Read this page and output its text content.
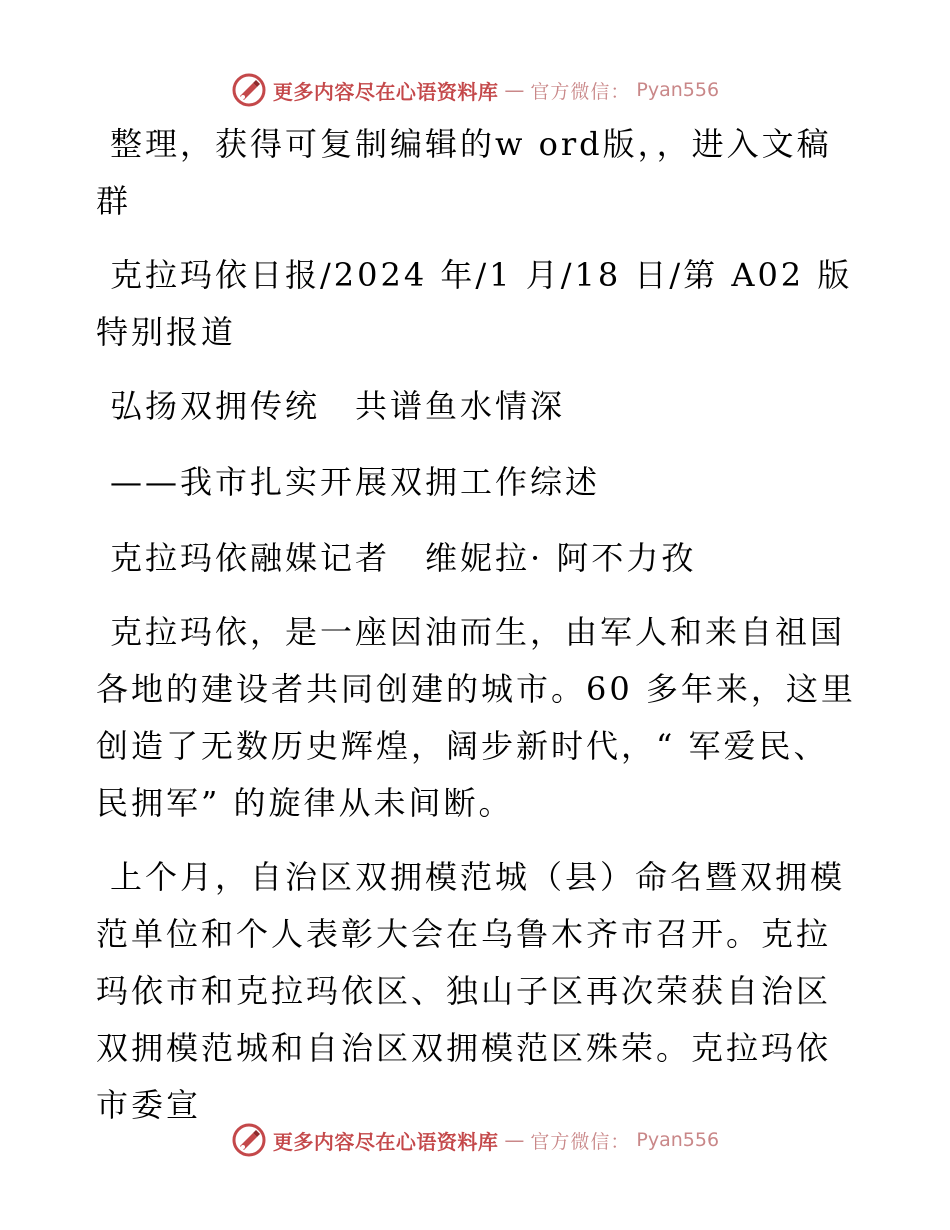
更多内容尽在心语资料库 — 官方微信： Pyan556

整理，获得可复制编辑的w ord版，，进入文稿群

克拉玛依日报/2024 年/1 月/18 日/第 A02 版特别报道

弘扬双拥传统　共谱鱼水情深

——我市扎实开展双拥工作综述

克拉玛依融媒记者　维妮拉· 阿不力孜

克拉玛依，是一座因油而生，由军人和来自祖国各地的建设者共同创建的城市。60 多年来，这里创造了无数历史辉煌，阔步新时代，“ 军爱民、民拥军” 的旋律从未间断。

上个月，自治区双拥模范城（县）命名暨双拥模范单位和个人表彰大会在乌鲁木齐市召开。克拉玛依市和克拉玛依区、独山子区再次荣获自治区双拥模范城和自治区双拥模范区殊荣。克拉玛依市委宣

更多内容尽在心语资料库 — 官方微信： Pyan556
